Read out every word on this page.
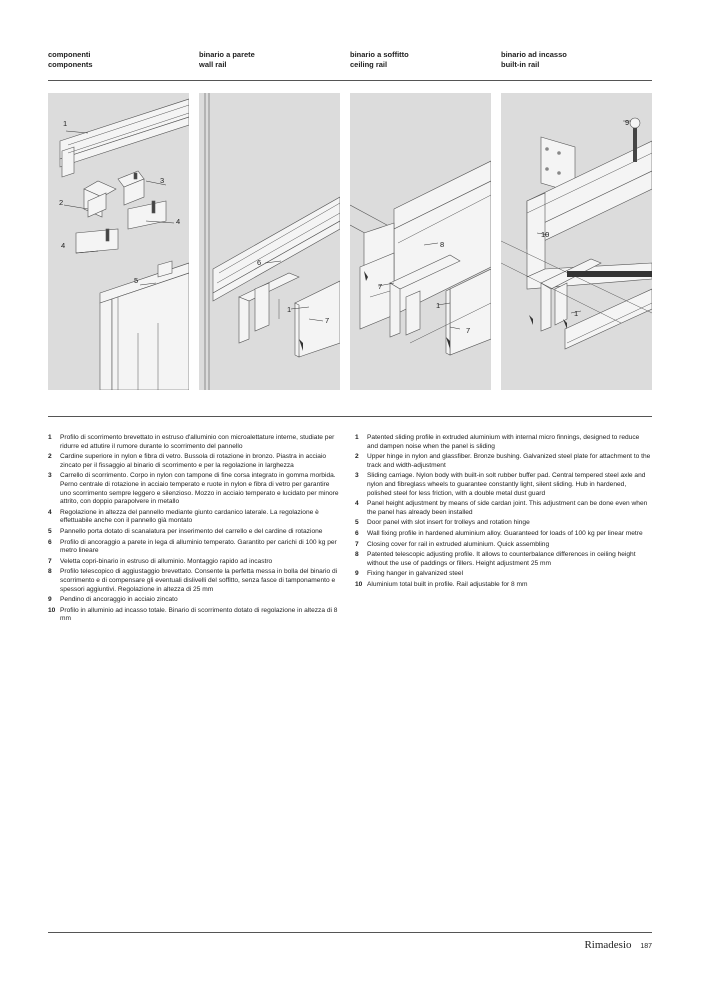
componenti
components
binario a parete
wall rail
binario a soffitto
ceiling rail
binario ad incasso
built-in rail
1
2
3
4
4
5
6
1
7
8
7
1
7
9
10
1
1 Profilo di scorrimento brevettato in estruso d'alluminio con microalettature interne, studiate per ridurre ed attutire il rumore durante lo scorrimento del pannello
2 Cardine superiore in nylon e fibra di vetro. Bussola di rotazione in bronzo. Piastra in acciaio zincato per il fissaggio al binario di scorrimento e per la regolazione in larghezza
3 Carrello di scorrimento. Corpo in nylon con tampone di fine corsa integrato in gomma morbida. Perno centrale di rotazione in acciaio temperato e ruote in nylon e fibra di vetro per garantire uno scorrimento sempre leggero e silenzioso. Mozzo in acciaio temperato e lucidato per minore attrito, con doppio parapolvere in metallo
4 Regolazione in altezza del pannello mediante giunto cardanico laterale. La regolazione è effettuabile anche con il pannello già montato
5 Pannello porta dotato di scanalatura per inserimento del carrello e del cardine di rotazione
6 Profilo di ancoraggio a parete in lega di alluminio temperato. Garantito per carichi di 100 kg per metro lineare
7 Veletta copri-binario in estruso di alluminio. Montaggio rapido ad incastro
8 Profilo telescopico di aggiustaggio brevettato. Consente la perfetta messa in bolla del binario di scorrimento e di compensare gli eventuali dislivelli del soffitto, senza fasce di tamponamento e spessori aggiuntivi. Regolazione in altezza di 25 mm
9 Pendino di ancoraggio in acciaio zincato
10 Profilo in alluminio ad incasso totale. Binario di scorrimento dotato di regolazione in altezza di 8 mm
1 Patented sliding profile in extruded aluminium with internal micro finnings, designed to reduce and dampen noise when the panel is sliding
2 Upper hinge in nylon and glassfiber. Bronze bushing. Galvanized steel plate for attachment to the track and width-adjustment
3 Sliding carriage. Nylon body with built-in solt rubber buffer pad. Central tempered steel axle and nylon and fibreglass wheels to guarantee constantly light, silent sliding. Hub in hardened, polished steel for less friction, with a double metal dust guard
4 Panel height adjustment by means of side cardan joint. This adjustment can be done even when the panel has already been installed
5 Door panel with slot insert for trolleys and rotation hinge
6 Wall fixing profile in hardened aluminium alloy. Guaranteed for loads of 100 kg per linear metre
7 Closing cover for rail in extruded aluminium. Quick assembling
8 Patented telescopic adjusting profile. It allows to counterbalance differences in ceiling height without the use of paddings or fillers. Height adjustment 25 mm
9 Fixing hanger in galvanized steel
10 Aluminium total built in profile. Rail adjustable for 8 mm
Rimadesio 187
